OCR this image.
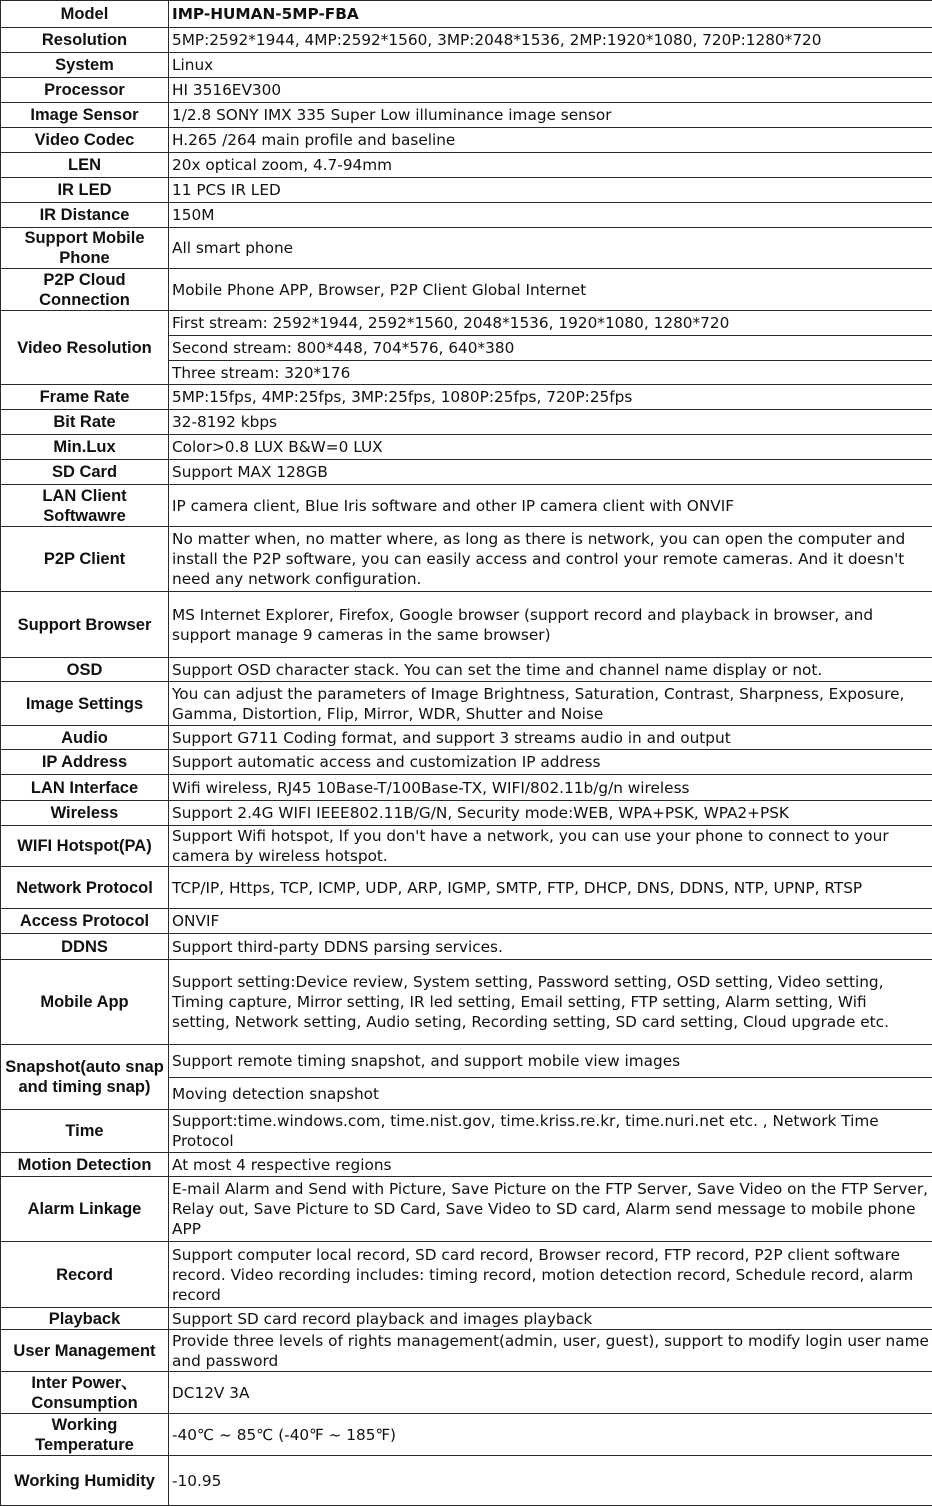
Model	IMP-HUMAN-5MP-FBA
Resolution	5MP:2592*1944, 4MP:2592*1560, 3MP:2048*1536, 2MP:1920*1080, 720P:1280*720
System	Linux
Processor	HI 3516EV300
Image Sensor	1/2.8 SONY IMX 335 Super Low illuminance image sensor
Video Codec	H.265 /264 main profile and baseline
LEN	20x optical zoom, 4.7-94mm
IR LED	11 PCS IR LED
IR Distance	150M
Support Mobile Phone	All smart phone
P2P Cloud Connection	Mobile Phone APP, Browser, P2P Client Global Internet
Video Resolution	First stream: 2592*1944, 2592*1560, 2048*1536, 1920*1080, 1280*720
	Second stream: 800*448, 704*576, 640*380
	Three stream: 320*176
Frame Rate	5MP:15fps, 4MP:25fps, 3MP:25fps, 1080P:25fps, 720P:25fps
Bit Rate	32-8192 kbps
Min.Lux	Color>0.8 LUX B&W=0 LUX
SD Card	Support MAX 128GB
LAN Client Softwawre	IP camera client, Blue Iris software and other IP camera client with ONVIF
P2P Client	No matter when, no matter where, as long as there is network, you can open the computer and install the P2P software, you can easily access and control your remote cameras. And it doesn't need any network configuration.
Support Browser	MS Internet Explorer, Firefox, Google browser (support record and playback in browser, and support manage 9 cameras in the same browser)
OSD	Support OSD character stack. You can set the time and channel name display or not.
Image Settings	You can adjust the parameters of Image Brightness, Saturation, Contrast, Sharpness, Exposure, Gamma, Distortion, Flip, Mirror, WDR, Shutter and Noise
Audio	Support G711 Coding format, and support 3 streams audio in and output
IP Address	Support automatic access and customization IP address
LAN Interface	Wifi wireless, RJ45 10Base-T/100Base-TX, WIFI/802.11b/g/n wireless
Wireless	Support 2.4G WIFI IEEE802.11B/G/N, Security mode:WEB, WPA+PSK, WPA2+PSK
WIFI Hotspot(PA)	Support Wifi hotspot, If you don't have a network, you can use your phone to connect to your camera by wireless hotspot.
Network Protocol	TCP/IP, Https, TCP, ICMP, UDP, ARP, IGMP, SMTP, FTP, DHCP, DNS, DDNS, NTP, UPNP, RTSP
Access Protocol	ONVIF
DDNS	Support third-party DDNS parsing services.
Mobile App	Support setting:Device review, System setting, Password setting, OSD setting, Video setting, Timing capture, Mirror setting, IR led setting, Email setting, FTP setting, Alarm setting, Wifi setting, Network setting, Audio seting, Recording setting, SD card setting, Cloud upgrade etc.
Snapshot(auto snap and timing snap)	Support remote timing snapshot, and support mobile view images
	Moving detection snapshot
Time	Support:time.windows.com, time.nist.gov, time.kriss.re.kr, time.nuri.net etc. , Network Time Protocol
Motion Detection	At most 4 respective regions
Alarm Linkage	E-mail Alarm and Send with Picture, Save Picture on the FTP Server, Save Video on the FTP Server, Relay out, Save Picture to SD Card, Save Video to SD card, Alarm send message to mobile phone APP
Record	Support computer local record, SD card record, Browser record, FTP record, P2P client software record. Video recording includes: timing record, motion detection record, Schedule record, alarm record
Playback	Support SD card record playback and images playback
User Management	Provide three levels of rights management(admin, user, guest), support to modify login user name and password
Inter Power、Consumption	DC12V 3A
Working Temperature	-40℃ ~ 85℃ (-40℉ ~ 185℉)
Working Humidity	-10.95
